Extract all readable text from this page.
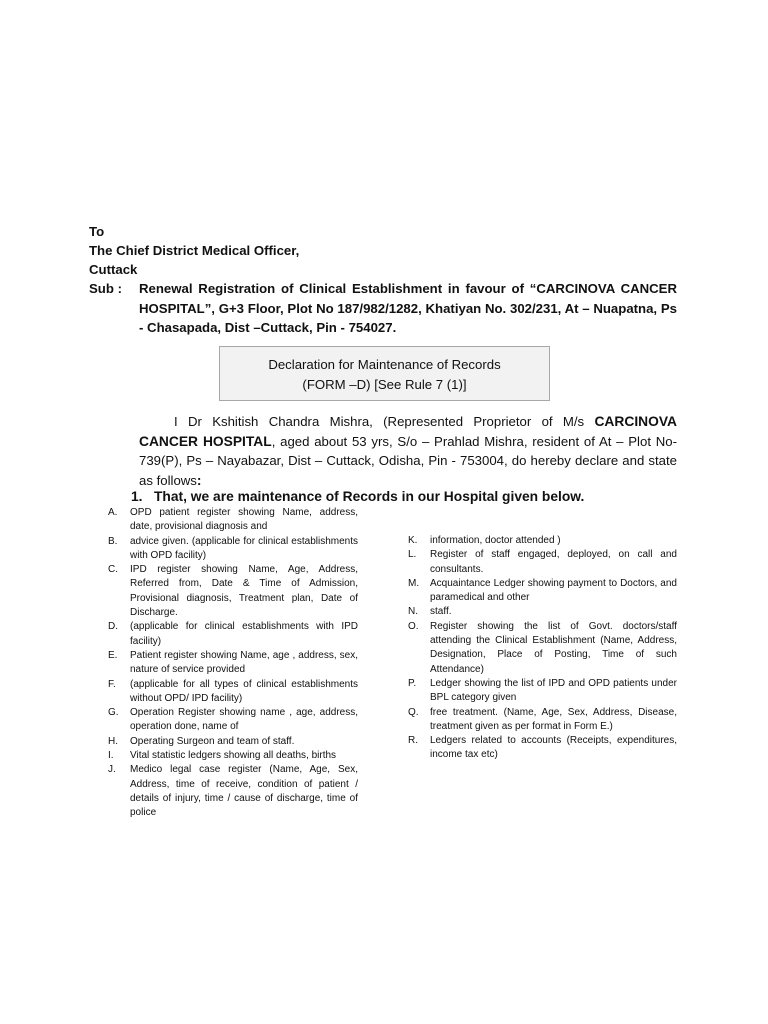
To
The Chief District Medical Officer,
Cuttack
Sub : Renewal Registration of Clinical Establishment in favour of “CARCINOVA CANCER HOSPITAL”, G+3 Floor, Plot No 187/982/1282, Khatiyan No. 302/231, At – Nuapatna, Ps - Chasapada, Dist –Cuttack, Pin - 754027.
Declaration for Maintenance of Records
(FORM –D) [See Rule 7 (1)]
I Dr Kshitish Chandra Mishra, (Represented Proprietor of M/s CARCINOVA CANCER HOSPITAL, aged about 53 yrs, S/o – Prahlad Mishra, resident of At – Plot No-739(P), Ps – Nayabazar, Dist – Cuttack, Odisha, Pin - 753004, do hereby declare and state as follows:
1. That, we are maintenance of Records in our Hospital given below.
A.	OPD patient register showing Name, address, date, provisional diagnosis and
B.	advice given. (applicable for clinical establishments with OPD facility)
C.	IPD register showing Name, Age, Address, Referred from, Date & Time of Admission, Provisional diagnosis, Treatment plan, Date of Discharge.
D.	(applicable for clinical establishments with IPD facility)
E.	Patient register showing Name, age , address, sex, nature of service provided
F.	(applicable for all types of clinical establishments without OPD/ IPD facility)
G.	Operation Register showing name , age, address, operation done, name of
H.	Operating Surgeon and team of staff.
I.	Vital statistic ledgers showing all deaths, births
J.	Medico legal case register (Name, Age, Sex, Address, time of receive, condition of patient / details of injury, time / cause of discharge, time of police
K.	information, doctor attended )
L.	Register of staff engaged, deployed, on call and consultants.
M.	Acquaintance Ledger showing payment to Doctors, and paramedical and other
N.	staff.
O.	Register showing the list of Govt. doctors/staff attending the Clinical Establishment (Name, Address, Designation, Place of Posting, Time of such Attendance)
P.	Ledger showing the list of IPD and OPD patients under BPL category given
Q.	free treatment. (Name, Age, Sex, Address, Disease, treatment given as per format in Form E.)
R.	Ledgers related to accounts (Receipts, expenditures, income tax etc)
